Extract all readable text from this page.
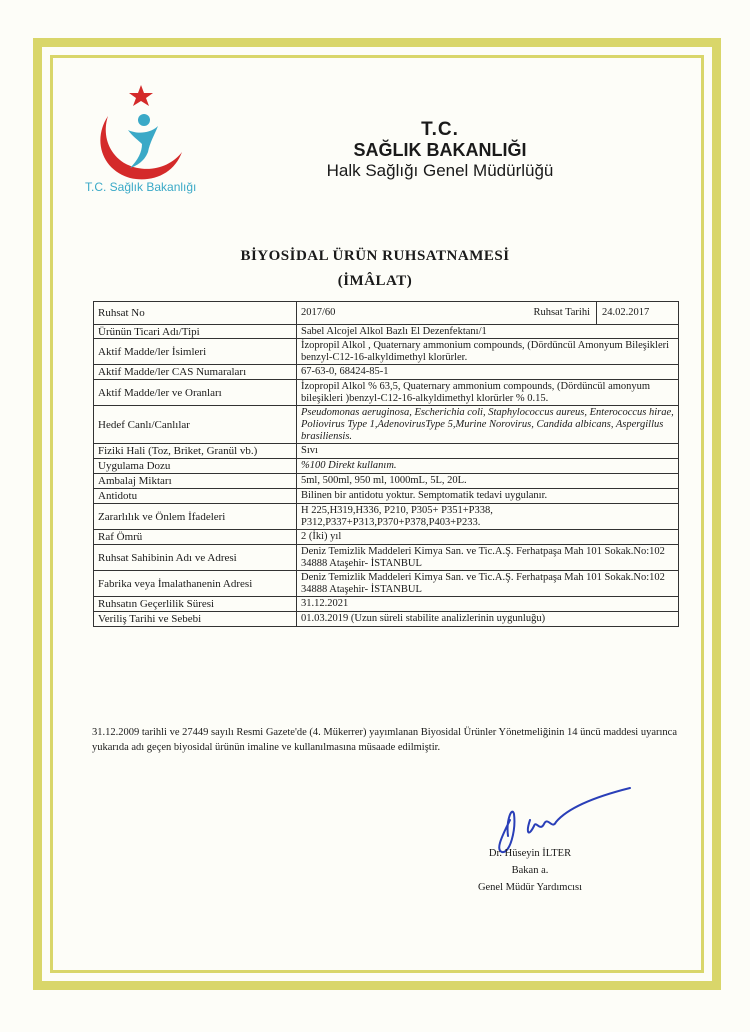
T.C. Sağlık Bakanlığı
T.C.
SAĞLIK BAKANLIĞI
Halk Sağlığı Genel Müdürlüğü
BİYOSİDAL ÜRÜN RUHSATNAMESİ
(İMÂLAT)
Ruhsat No	2017/60 Ruhsat Tarihi 24.02.2017

Ürünün Ticari Adı/Tipi	Sabel Alcojel Alkol Bazlı El Dezenfektanı/1
Aktif Madde/ler İsimleri	İzopropil Alkol , Quaternary ammonium compounds, (Dördüncül Amonyum Bileşikleri benzyl-C12-16-alkyldimethyl klorürler.
Aktif Madde/ler CAS Numaraları	67-63-0, 68424-85-1
Aktif Madde/ler ve Oranları	İzopropil Alkol % 63,5, Quaternary ammonium compounds, (Dördüncül amonyum bileşikleri )benzyl-C12-16-alkyldimethyl klorürler % 0.15.
Hedef Canlı/Canlılar	Pseudomonas aeruginosa, Escherichia coli, Staphylococcus aureus, Enterococcus hirae, Poliovirus Type 1,AdenovirusType 5,Murine Norovirus, Candida albicans, Aspergillus brasiliensis.
Fiziki Hali (Toz, Briket, Granül vb.)	Sıvı
Uygulama Dozu	%100 Direkt kullanım.
Ambalaj Miktarı	5ml, 500ml, 950 ml, 1000mL, 5L, 20L.
Antidotu	Bilinen bir antidotu yoktur. Semptomatik tedavi uygulanır.
Zararlılık ve Önlem İfadeleri	H 225,H319,H336, P210, P305+ P351+P338, P312,P337+P313,P370+P378,P403+P233.
Raf Ömrü	2 (İki) yıl
Ruhsat Sahibinin Adı ve Adresi	Deniz Temizlik Maddeleri Kimya San. ve Tic.A.Ş. Ferhatpaşa Mah 101 Sokak.No:102 34888 Ataşehir- İSTANBUL
Fabrika veya İmalathanenin Adresi	Deniz Temizlik Maddeleri Kimya San. ve Tic.A.Ş. Ferhatpaşa Mah 101 Sokak.No:102 34888 Ataşehir- İSTANBUL
Ruhsatın Geçerlilik Süresi	31.12.2021
Veriliş Tarihi ve Sebebi	01.03.2019 (Uzun süreli stabilite analizlerinin uygunluğu)
31.12.2009 tarihli ve 27449 sayılı Resmi Gazete'de (4. Mükerrer) yayımlanan Biyosidal Ürünler Yönetmeliğinin 14 üncü maddesi uyarınca yukarıda adı geçen biyosidal ürünün imaline ve kullanılmasına müsaade edilmiştir.
Dr. Hüseyin İLTER
Bakan a.
Genel Müdür Yardımcısı
